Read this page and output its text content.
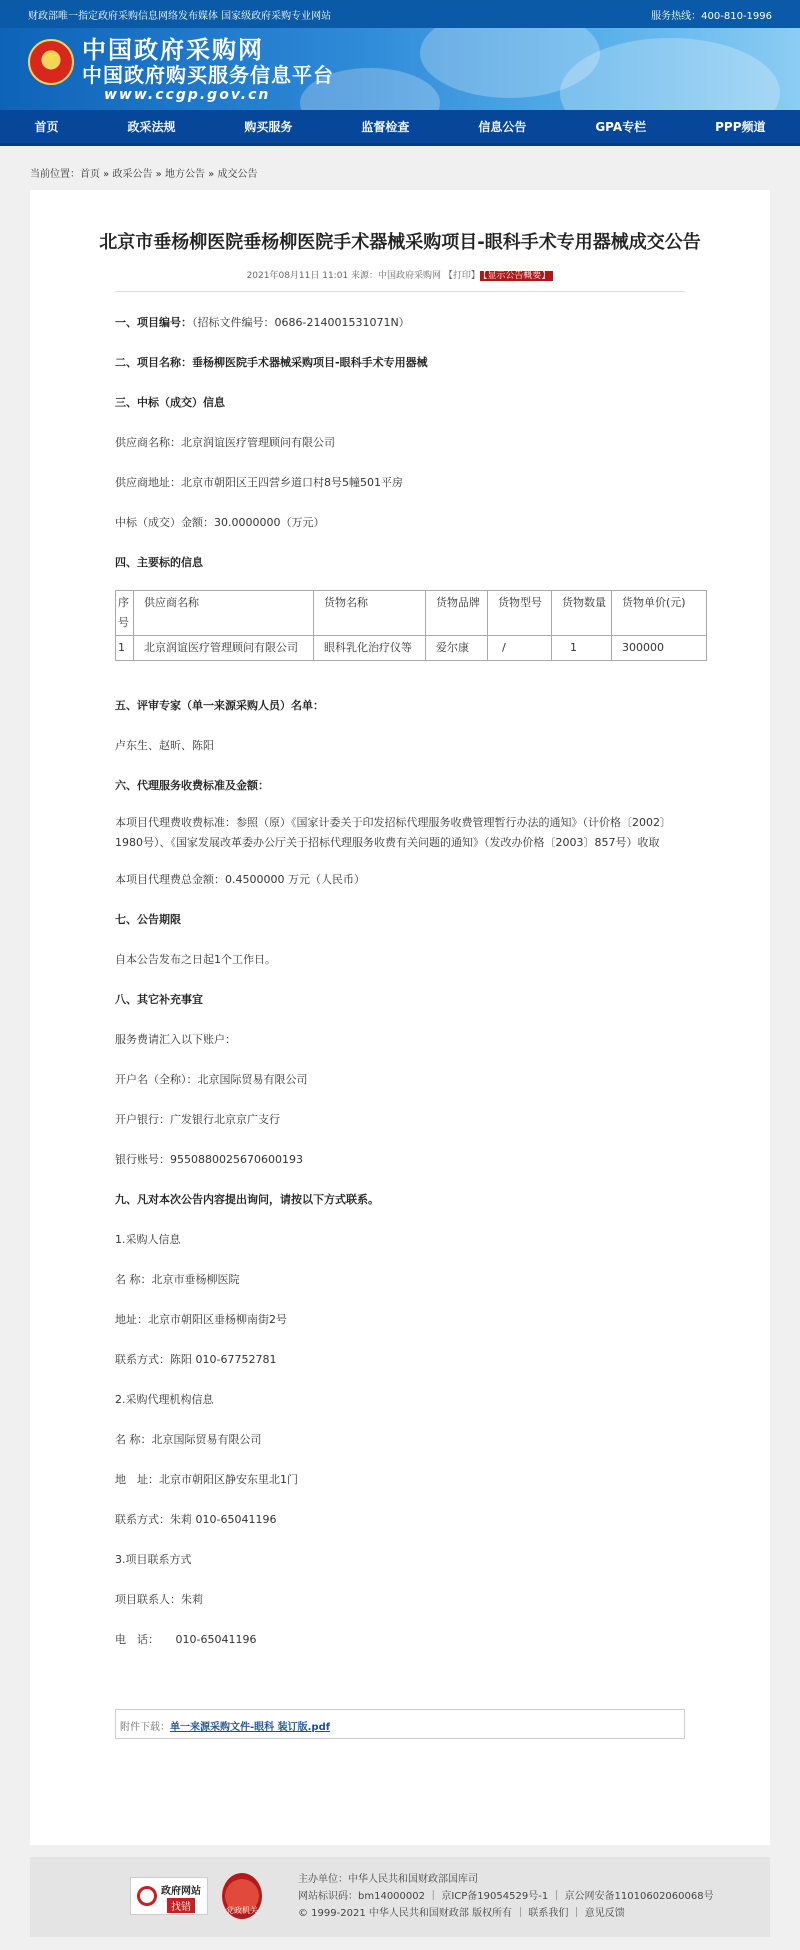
财政部唯一指定政府采购信息网络发布媒体 国家级政府采购专业网站	服务热线：400-810-1996
★ 中国政府采购网
中国政府购买服务信息平台
www.ccgp.gov.cn
首页	政采法规	购买服务	监督检查	信息公告	GPA专栏	PPP频道
当前位置：首页 » 政采公告 » 地方公告 » 成交公告
北京市垂杨柳医院垂杨柳医院手术器械采购项目-眼科手术专用器械成交公告
2021年08月11日 11:01 来源：中国政府采购网 【打印】 【显示公告概要】
一、项目编号：（招标文件编号：0686-214001531071N）
二、项目名称：垂杨柳医院手术器械采购项目-眼科手术专用器械
三、中标（成交）信息
供应商名称：北京润谊医疗管理顾问有限公司
供应商地址：北京市朝阳区王四营乡道口村8号5幢501平房
中标（成交）金额：30.0000000（万元）
四、主要标的信息
序号	供应商名称	货物名称	货物品牌	货物型号	货物数量	货物单价(元)
1	北京润谊医疗管理顾问有限公司	眼科乳化治疗仪等	爱尔康	/	1	300000
五、评审专家（单一来源采购人员）名单：
卢东生、赵昕、陈阳
六、代理服务收费标准及金额：
本项目代理费收费标准：参照（原）《国家计委关于印发招标代理服务收费管理暂行办法的通知》（计价格〔2002〕1980号）、《国家发展改革委办公厅关于招标代理服务收费有关问题的通知》（发改办价格〔2003〕857号）收取
本项目代理费总金额：0.4500000 万元（人民币）
七、公告期限
自本公告发布之日起1个工作日。
八、其它补充事宜
服务费请汇入以下账户：
开户名（全称）：北京国际贸易有限公司
开户银行：广发银行北京京广支行
银行账号：9550880025670600193
九、凡对本次公告内容提出询问，请按以下方式联系。
1.采购人信息
名 称：北京市垂杨柳医院
地址：北京市朝阳区垂杨柳南街2号
联系方式：陈阳 010-67752781
2.采购代理机构信息
名 称：北京国际贸易有限公司
地　址：北京市朝阳区静安东里北1门
联系方式：朱莉 010-65041196
3.项目联系方式
项目联系人：朱莉
电　话：　　010-65041196
附件下载：单一来源采购文件-眼科 装订版.pdf
政府网站
找错	党政机关
主办单位：中华人民共和国财政部国库司
网站标识码：bm14000002 ｜ 京ICP备19054529号-1 ｜ 京公网安备11010602060068号
© 1999-2021 中华人民共和国财政部 版权所有 ｜ 联系我们 ｜ 意见反馈
